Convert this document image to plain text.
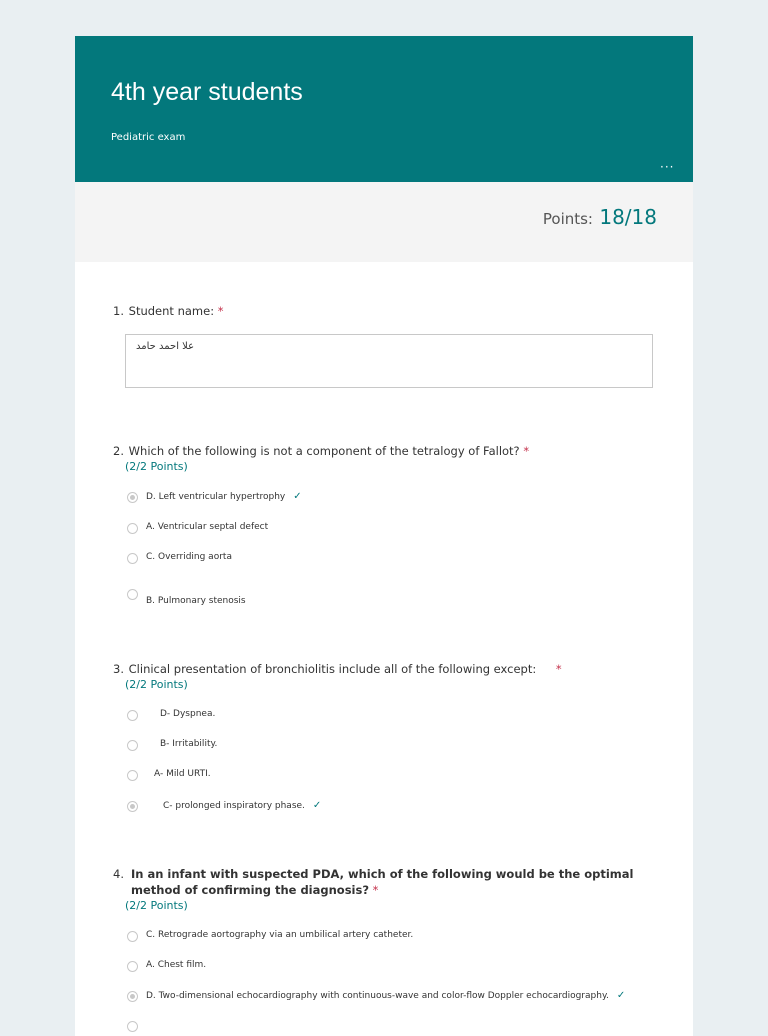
4th year students
Pediatric exam
···
Points: 18/18
1. Student name: *
علا احمد حامد
2. Which of the following is not a component of the tetralogy of Fallot? *
(2/2 Points)
D. Left ventricular hypertrophy ✓
A. Ventricular septal defect
C. Overriding aorta
B. Pulmonary stenosis
3. Clinical presentation of bronchiolitis include all of the following except: *
(2/2 Points)
D- Dyspnea.
B- Irritability.
A- Mild URTI.
C- prolonged inspiratory phase. ✓
4. In an infant with suspected PDA, which of the following would be the optimal method of confirming the diagnosis? *
(2/2 Points)
C. Retrograde aortography via an umbilical artery catheter.
A. Chest film.
D. Two-dimensional echocardiography with continuous-wave and color-flow Doppler echocardiography. ✓
